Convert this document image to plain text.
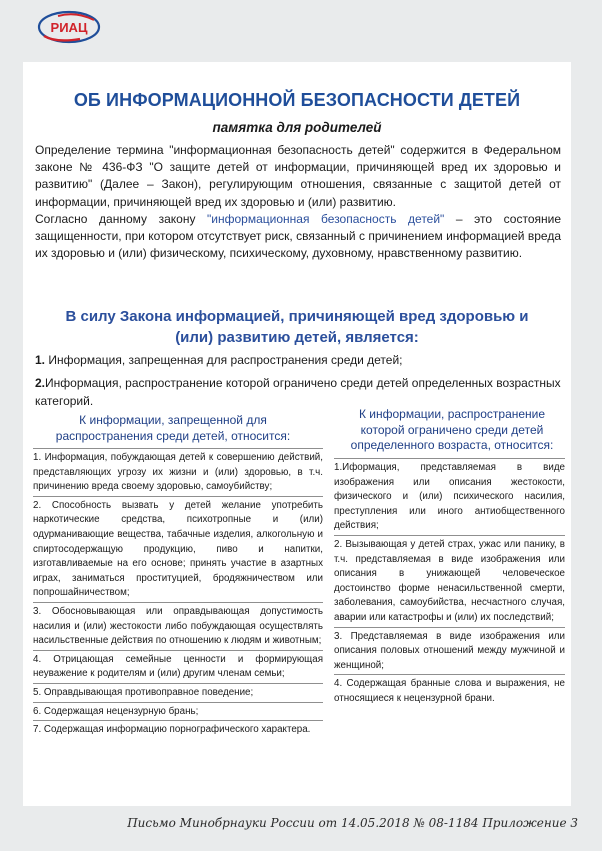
РИАЦ
ОБ ИНФОРМАЦИОННОЙ БЕЗОПАСНОСТИ ДЕТЕЙ
памятка для родителей

Определение термина "информационная безопасность детей" содержится в Федеральном законе № 436-ФЗ "О защите детей от информации, причиняющей вред их здоровью и развитию" (Далее – Закон), регулирующим отношения, связанные с защитой детей от информации, причиняющей вред их здоровью и (или) развитию.

Согласно данному закону "информационная безопасность детей" – это состояние защищенности, при котором отсутствует риск, связанный с причинением информацией вреда их здоровью и (или) физическому, психическому, духовному, нравственному развитию.

В силу Закона информацией, причиняющей вред здоровью и
(или) развитию детей, является:

1. Информация, запрещенная для распространения среди детей;

2.Информация, распространение которой ограничено среди детей определенных возрастных категорий.

К информации, запрещенной для
распространения среди детей, относится:

1. Информация, побуждающая детей к совершению действий, представляющих угрозу их жизни и (или) здоровью, в т.ч. причинению вреда своему здоровью, самоубийству;

2. Способность вызвать у детей желание употребить наркотические средства, психотропные и (или) одурманивающие вещества, табачные изделия, алкогольную и спиртосодержащую продукцию, пиво и напитки, изготавливаемые на его основе; принять участие в азартных играх, заниматься проституцией, бродяжничеством или попрошайничеством;

3. Обосновывающая или оправдывающая допустимость насилия и (или) жестокости либо побуждающая осуществлять насильственные действия по отношению к людям и животным;

4. Отрицающая семейные ценности и формирующая неуважение к родителям и (или) другим членам семьи;

5. Оправдывающая противоправное поведение;

6. Содержащая нецензурную брань;

7. Содержащая информацию порнографического характера.

К информации, распространение
которой ограничено среди детей
определенного возраста, относится:

1.Иформация, представляемая в виде изображения или описания жестокости, физического и (или) психического насилия, преступления или иного антиобщественного действия;

2. Вызывающая у детей страх, ужас или панику, в т.ч. представляемая в виде изображения или описания в унижающей человеческое достоинство форме ненасильственной смерти, заболевания, самоубийства, несчастного случая, аварии или катастрофы и (или) их последствий;

3. Представляемая в виде изображения или описания половых отношений между мужчиной и женщиной;

4. Содержащая бранные слова и выражения, не относящиеся к нецензурной брани.

Письмо Минобрнауки России от 14.05.2018 № 08-1184 Приложение 3
